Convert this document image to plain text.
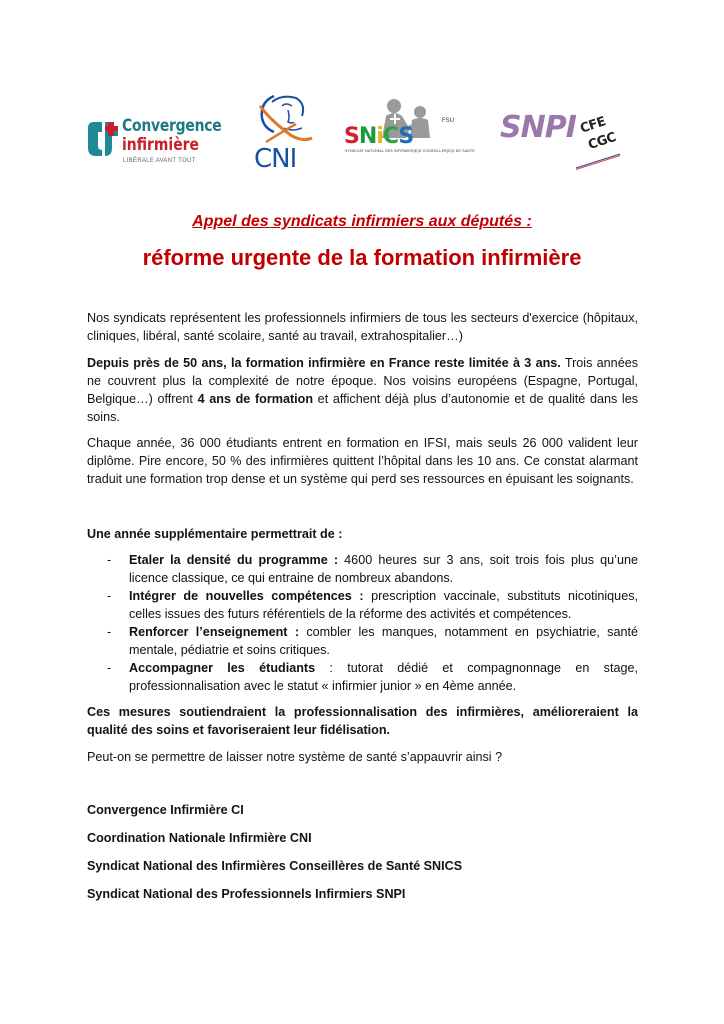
Convergence
infirmière
LIBÉRALE AVANT TOUT CNI
FSU
SNiCS
SYNDICAT NATIONAL DES INFIRMIER(E)S CONSEILLER(E)S DE SANTÉ
SNPI CFE
CGC
Appel des syndicats infirmiers aux députés :
réforme urgente de la formation infirmière

Nos syndicats représentent les professionnels infirmiers de tous les secteurs d'exercice (hôpitaux, cliniques, libéral, santé scolaire, santé au travail, extrahospitalier…)

Depuis près de 50 ans, la formation infirmière en France reste limitée à 3 ans. Trois années ne couvrent plus la complexité de notre époque. Nos voisins européens (Espagne, Portugal, Belgique…) offrent 4 ans de formation et affichent déjà plus d’autonomie et de qualité dans les soins.

Chaque année, 36 000 étudiants entrent en formation en IFSI, mais seuls 26 000 valident leur diplôme. Pire encore, 50 % des infirmières quittent l’hôpital dans les 10 ans. Ce constat alarmant traduit une formation trop dense et un système qui perd ses ressources en épuisant les soignants.

Une année supplémentaire permettrait de :

- Etaler la densité du programme : 4600 heures sur 3 ans, soit trois fois plus qu’une licence classique, ce qui entraine de nombreux abandons.
- Intégrer de nouvelles compétences : prescription vaccinale, substituts nicotiniques, celles issues des futurs référentiels de la réforme des activités et compétences.
- Renforcer l’enseignement : combler les manques, notamment en psychiatrie, santé mentale, pédiatrie et soins critiques.
- Accompagner les étudiants : tutorat dédié et compagnonnage en stage, professionnalisation avec le statut « infirmier junior » en 4ème année.

Ces mesures soutiendraient la professionnalisation des infirmières, amélioreraient la qualité des soins et favoriseraient leur fidélisation.

Peut-on se permettre de laisser notre système de santé s’appauvrir ainsi ?

Convergence Infirmière CI
Coordination Nationale Infirmière CNI
Syndicat National des Infirmières Conseillères de Santé SNICS
Syndicat National des Professionnels Infirmiers SNPI
